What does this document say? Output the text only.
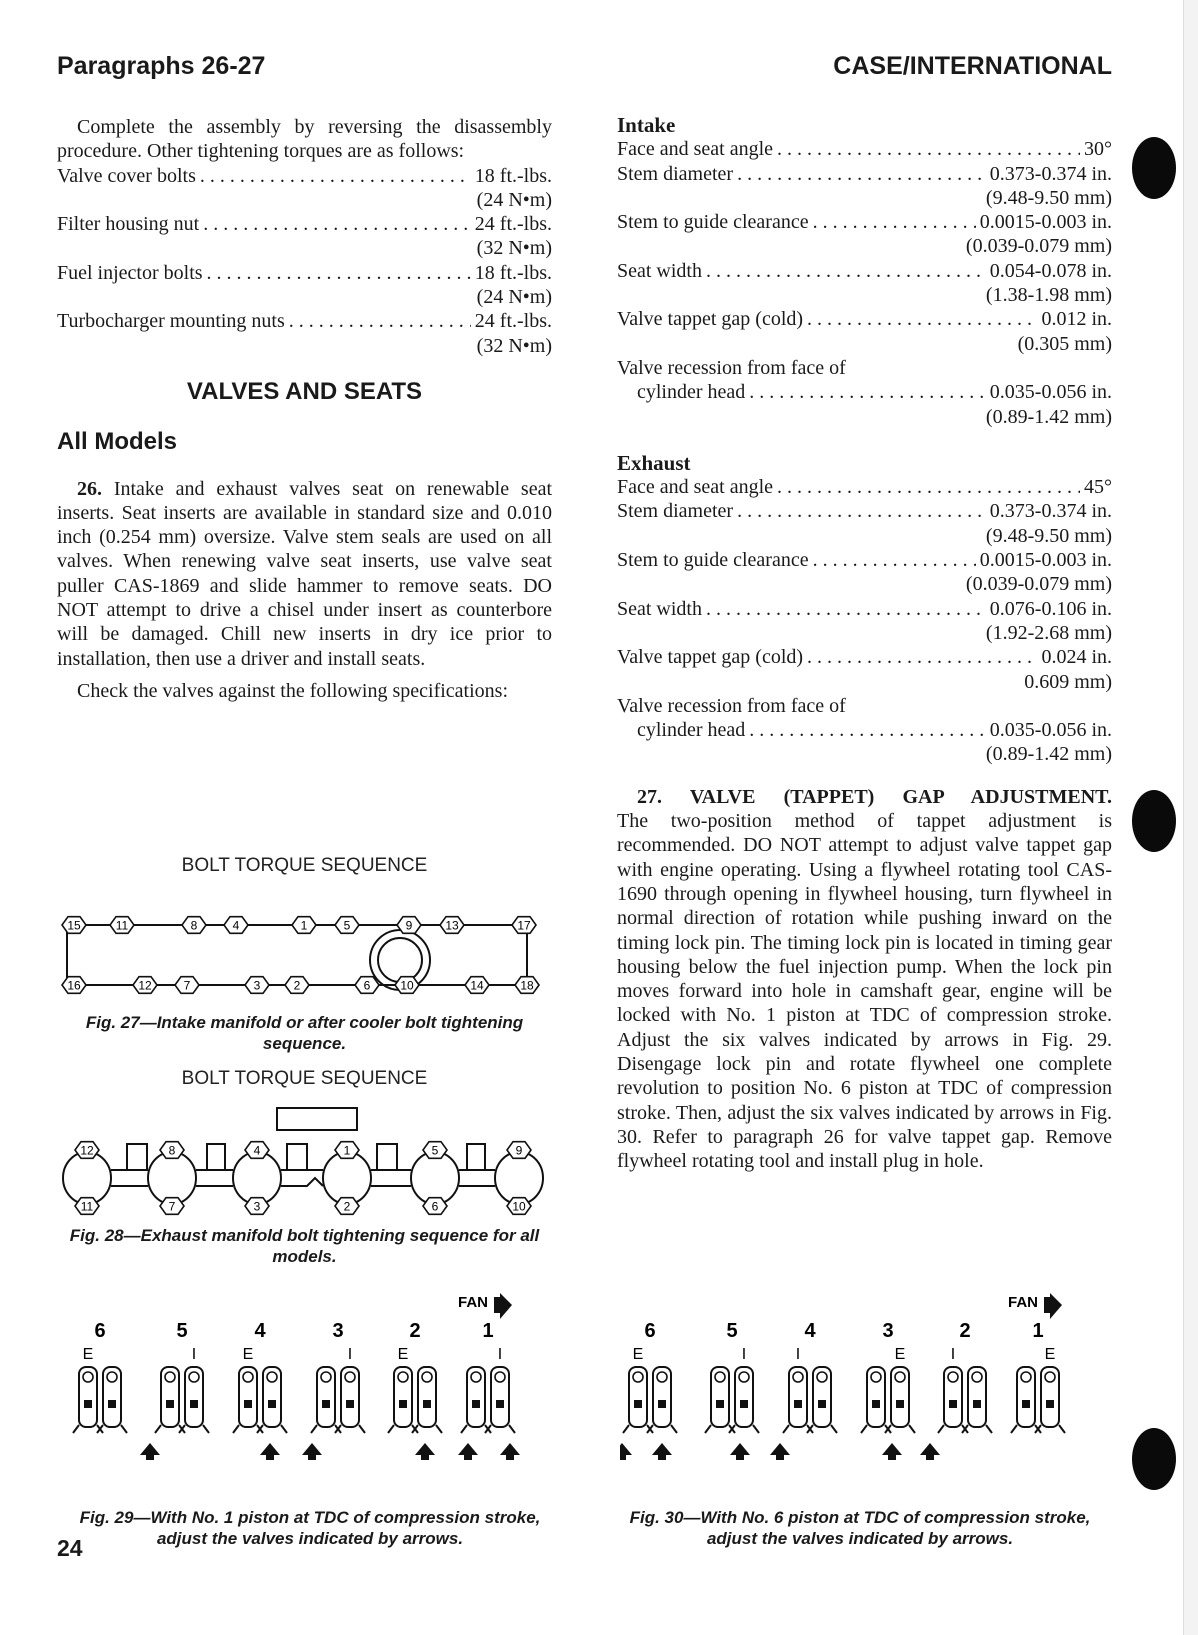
Paragraphs 26-27	CASE/INTERNATIONAL

Complete the assembly by reversing the disassembly procedure. Other tightening torques are as follows:

Valve cover bolts . . .	18 ft.-lbs.
(24 N•m)
Filter housing nut . . .	24 ft.-lbs.
(32 N•m)
Fuel injector bolts . . .	18 ft.-lbs.
(24 N•m)
Turbocharger mounting nuts . . .	24 ft.-lbs.
(32 N•m)
VALVES AND SEATS
All Models

26. Intake and exhaust valves seat on renewable seat inserts. Seat inserts are available in standard size and 0.010 inch (0.254 mm) oversize. Valve stem seals are used on all valves. When renewing valve seat inserts, use valve seat puller CAS-1869 and slide hammer to remove seats. DO NOT attempt to drive a chisel under insert as counterbore will be damaged. Chill new inserts in dry ice prior to installation, then use a driver and install seats.

Check the valves against the following specifications:

BOLT TORQUE SEQUENCE
15	11	8	4	1	5	9	13	17
16	12	7	3	2	6 10	14	18
Fig. 27—Intake manifold or after cooler bolt tightening sequence.
BOLT TORQUE SEQUENCE
12	8	4	1	5	9
11	7	3	2	6	10
Fig. 28—Exhaust manifold bolt tightening sequence for all models.
FAN
6	5	4	3	2	1
E	I	E	I	E	I
Fig. 29—With No. 1 piston at TDC of compression stroke, adjust the valves indicated by arrows.
FAN
6	5	4	3	2	1
E	I	I	E	I	E
Fig. 30—With No. 6 piston at TDC of compression stroke, adjust the valves indicated by arrows.
Intake
Face and seat angle . . .	30°
Stem diameter . . .	0.373-0.374 in.
(9.48-9.50 mm)
Stem to guide clearance . . .	0.0015-0.003 in.
(0.039-0.079 mm)
Seat width . . .	0.054-0.078 in.
(1.38-1.98 mm)
Valve tappet gap (cold) . . .	0.012 in.
(0.305 mm)
Valve recession from face of
cylinder head . . .	0.035-0.056 in.
(0.89-1.42 mm)
Exhaust
Face and seat angle . . .	45°
Stem diameter . . .	0.373-0.374 in.
(9.48-9.50 mm)
Stem to guide clearance . . .	0.0015-0.003 in.
(0.039-0.079 mm)
Seat width . . .	0.076-0.106 in.
(1.92-2.68 mm)
Valve tappet gap (cold) . . .	0.024 in.
0.609 mm)
Valve recession from face of
cylinder head . . .	0.035-0.056 in.
(0.89-1.42 mm)

27. VALVE (TAPPET) GAP ADJUSTMENT.
The two-position method of tappet adjustment is recommended. DO NOT attempt to adjust valve tappet gap with engine operating. Using a flywheel rotating tool CAS-1690 through opening in flywheel housing, turn flywheel in normal direction of rotation while pushing inward on the timing lock pin. The timing lock pin is located in timing gear housing below the fuel injection pump. When the lock pin moves forward into hole in camshaft gear, engine will be locked with No. 1 piston at TDC of compression stroke. Adjust the six valves indicated by arrows in Fig. 29. Disengage lock pin and rotate flywheel one complete revolution to position No. 6 piston at TDC of compression stroke. Then, adjust the six valves indicated by arrows in Fig. 30. Refer to paragraph 26 for valve tappet gap. Remove flywheel rotating tool and install plug in hole.

24
